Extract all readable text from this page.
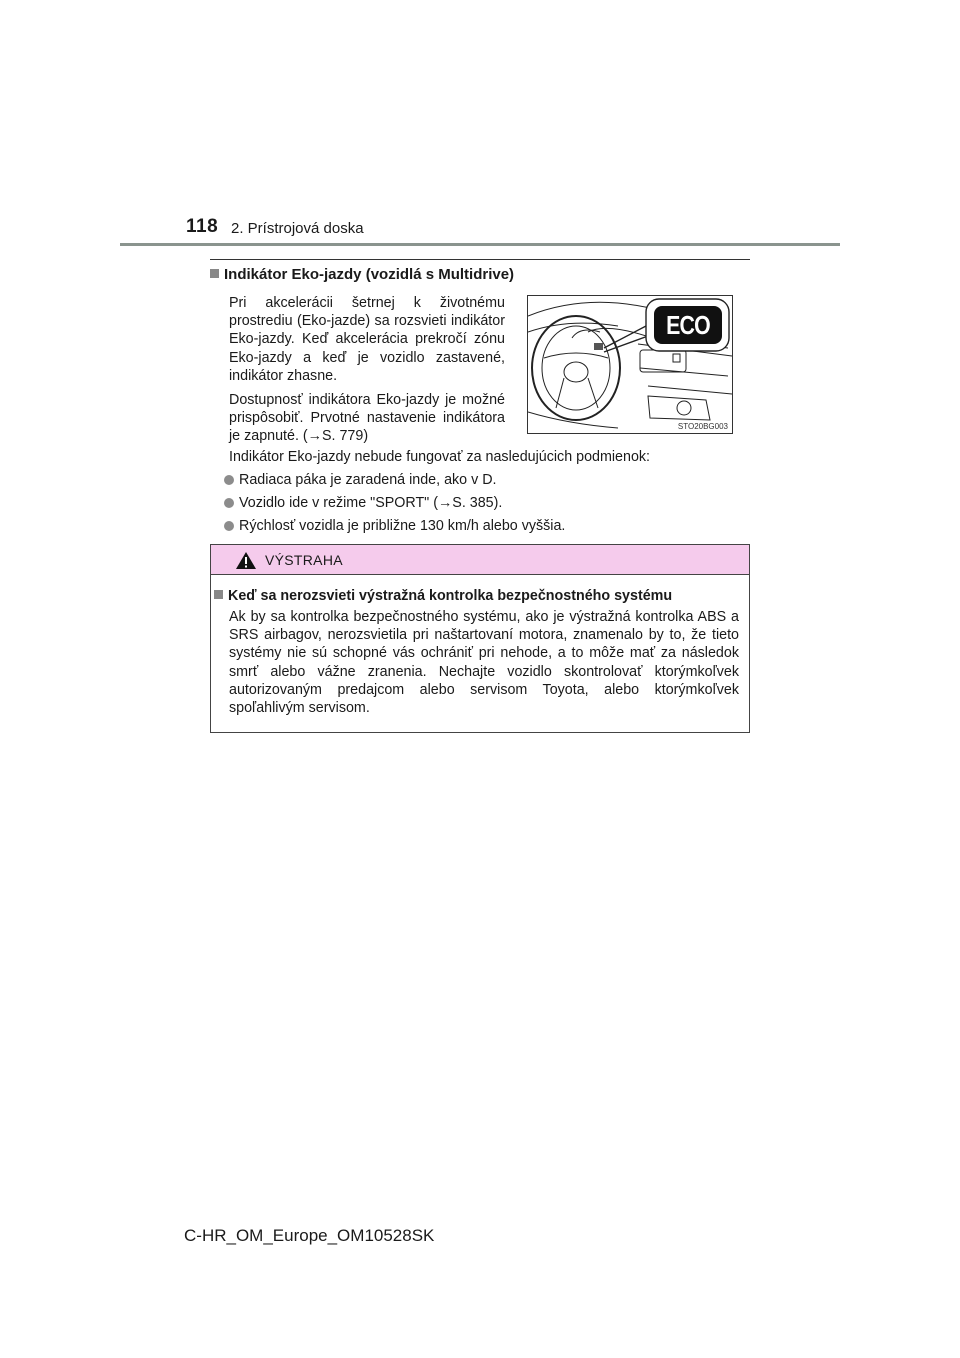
118 2. Prístrojová doska
Indikátor Eko-jazdy (vozidlá s Multidrive)

Pri akcelerácii šetrnej k životnému prostrediu (Eko-jazde) sa rozsvieti indikátor Eko-jazdy. Keď akcelerácia prekročí zónu Eko-jazdy a keď je vozidlo zastavené, indikátor zhasne.

Dostupnosť indikátora Eko-jazdy je možné prispôsobiť. Prvotné nastavenie indikátora je zapnuté. (→S. 779)

ECO
STO20BG003
Indikátor Eko-jazdy nebude fungovať za nasledujúcich podmienok:
Radiaca páka je zaradená inde, ako v D.
Vozidlo ide v režime "SPORT" (→S. 385).
Rýchlosť vozidla je približne 130 km/h alebo vyššia.
VÝSTRAHA
Keď sa nerozsvieti výstražná kontrolka bezpečnostného systému
Ak by sa kontrolka bezpečnostného systému, ako je výstražná kontrolka ABS a SRS airbagov, nerozsvietila pri naštartovaní motora, znamenalo by to, že tieto systémy nie sú schopné vás ochrániť pri nehode, a to môže mať za následok smrť alebo vážne zranenia. Nechajte vozidlo skontrolovať ktorýmkoľvek autorizovaným predajcom alebo servisom Toyota, alebo ktorýmkoľvek spoľahlivým servisom.
C-HR_OM_Europe_OM10528SK
